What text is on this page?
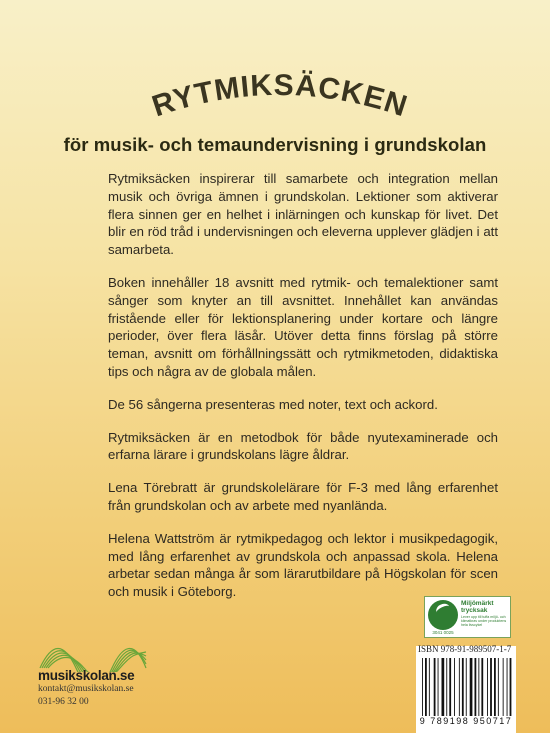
RYTMIKSÄCKEN
för musik- och temaundervisning i grundskolan

Rytmiksäcken inspirerar till samarbete och integration mellan musik och övriga ämnen i grundskolan. Lektioner som aktiverar flera sinnen ger en helhet i inlärningen och kunskap för livet. Det blir en röd tråd i undervisningen och eleverna upplever glädjen i att samarbeta.

Boken innehåller 18 avsnitt med rytmik- och temalektioner samt sånger som knyter an till avsnittet. Innehållet kan användas fristående eller för lektionsplanering under kortare och längre perioder, över flera läsår. Utöver detta finns förslag på större teman, avsnitt om förhållningssätt och rytmikmetoden, didaktiska tips och några av de globala målen.

De 56 sångerna presenteras med noter, text och ackord.

Rytmiksäcken är en metodbok för både nyutexaminerade och erfarna lärare i grundskolans lägre åldrar.

Lena Törebratt är grundskolelärare för F-3 med lång erfarenhet från grundskolan och av arbete med nyanlända.

Helena Wattström är rytmikpedagog och lektor i musikpedagogik, med lång erfarenhet av grundskola och anpassad skola. Helena arbetar sedan många år som lärarutbildare på Högskolan för scen och musik i Göteborg.

3041 0025
Miljömärkt trycksak
Lever upp till tuffa miljö- och klimatkrav under produktens hela livscykel
ISBN 978-91-989507-1-7
9 789198 950717
musikskolan.se
kontakt@musikskolan.se
031-96 32 00
